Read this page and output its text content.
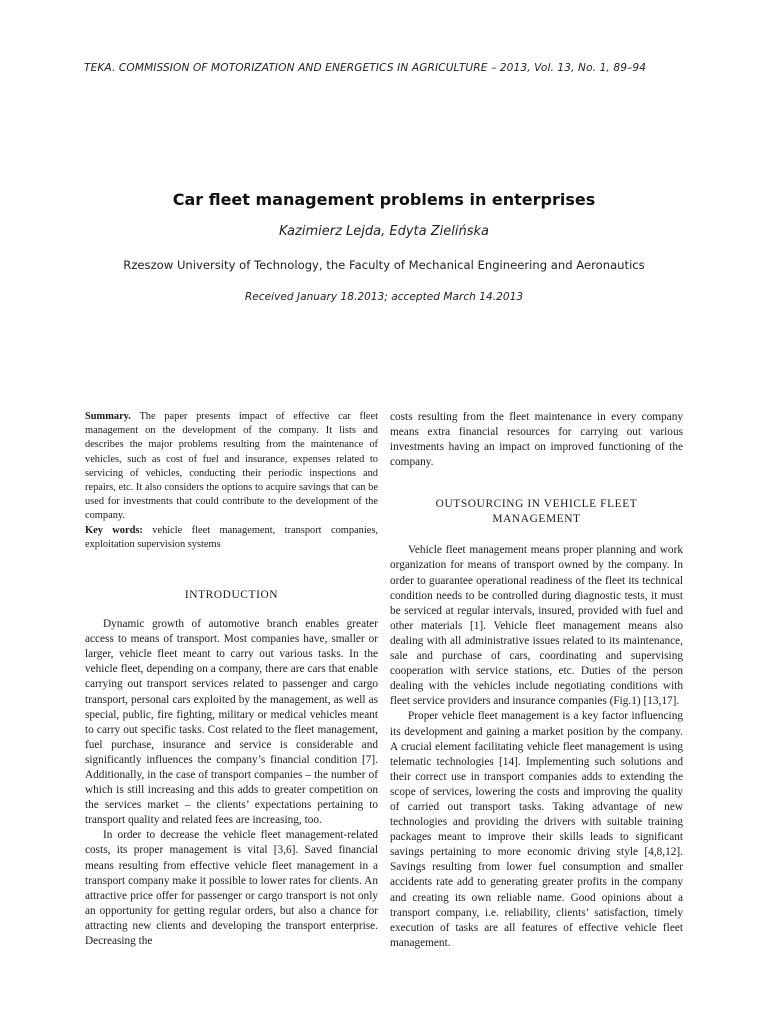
TEKA. COMMISSION OF MOTORIZATION AND ENERGETICS IN AGRICULTURE – 2013, Vol. 13, No. 1, 89–94
Car fleet management problems in enterprises
Kazimierz Lejda, Edyta Zielińska
Rzeszow University of Technology, the Faculty of Mechanical Engineering and Aeronautics
Received January 18.2013; accepted March 14.2013

Summary. The paper presents impact of effective car fleet management on the development of the company. It lists and describes the major problems resulting from the maintenance of vehicles, such as cost of fuel and insurance, expenses related to servicing of vehicles, conducting their periodic inspections and repairs, etc. It also considers the options to acquire savings that can be used for investments that could contribute to the development of the company.

Key words: vehicle fleet management, transport companies, exploitation supervision systems

INTRODUCTION

Dynamic growth of automotive branch enables greater access to means of transport. Most companies have, smaller or larger, vehicle fleet meant to carry out various tasks. In the vehicle fleet, depending on a company, there are cars that enable carrying out transport services related to passenger and cargo transport, personal cars exploited by the management, as well as special, public, fire fighting, military or medical vehicles meant to carry out specific tasks. Cost related to the fleet management, fuel purchase, insurance and service is considerable and significantly influences the company’s financial condition [7]. Additionally, in the case of transport companies – the number of which is still increasing and this adds to greater competition on the services market – the clients’ expectations pertaining to transport quality and related fees are increasing, too.

In order to decrease the vehicle fleet management-related costs, its proper management is vital [3,6]. Saved financial means resulting from effective vehicle fleet management in a transport company make it possible to lower rates for clients. An attractive price offer for passenger or cargo transport is not only an opportunity for getting regular orders, but also a chance for attracting new clients and developing the transport enterprise. Decreasing the

costs resulting from the fleet maintenance in every company means extra financial resources for carrying out various investments having an impact on improved functioning of the company.

OUTSOURCING IN VEHICLE FLEET MANAGEMENT

Vehicle fleet management means proper planning and work organization for means of transport owned by the company. In order to guarantee operational readiness of the fleet its technical condition needs to be controlled during diagnostic tests, it must be serviced at regular intervals, insured, provided with fuel and other materials [1]. Vehicle fleet management means also dealing with all administrative issues related to its maintenance, sale and purchase of cars, coordinating and supervising cooperation with service stations, etc. Duties of the person dealing with the vehicles include negotiating conditions with fleet service providers and insurance companies (Fig.1) [13,17].

Proper vehicle fleet management is a key factor influencing its development and gaining a market position by the company. A crucial element facilitating vehicle fleet management is using telematic technologies [14]. Implementing such solutions and their correct use in transport companies adds to extending the scope of services, lowering the costs and improving the quality of carried out transport tasks. Taking advantage of new technologies and providing the drivers with suitable training packages meant to improve their skills leads to significant savings pertaining to more economic driving style [4,8,12]. Savings resulting from lower fuel consumption and smaller accidents rate add to generating greater profits in the company and creating its own reliable name. Good opinions about a transport company, i.e. reliability, clients’ satisfaction, timely execution of tasks are all features of effective vehicle fleet management.
